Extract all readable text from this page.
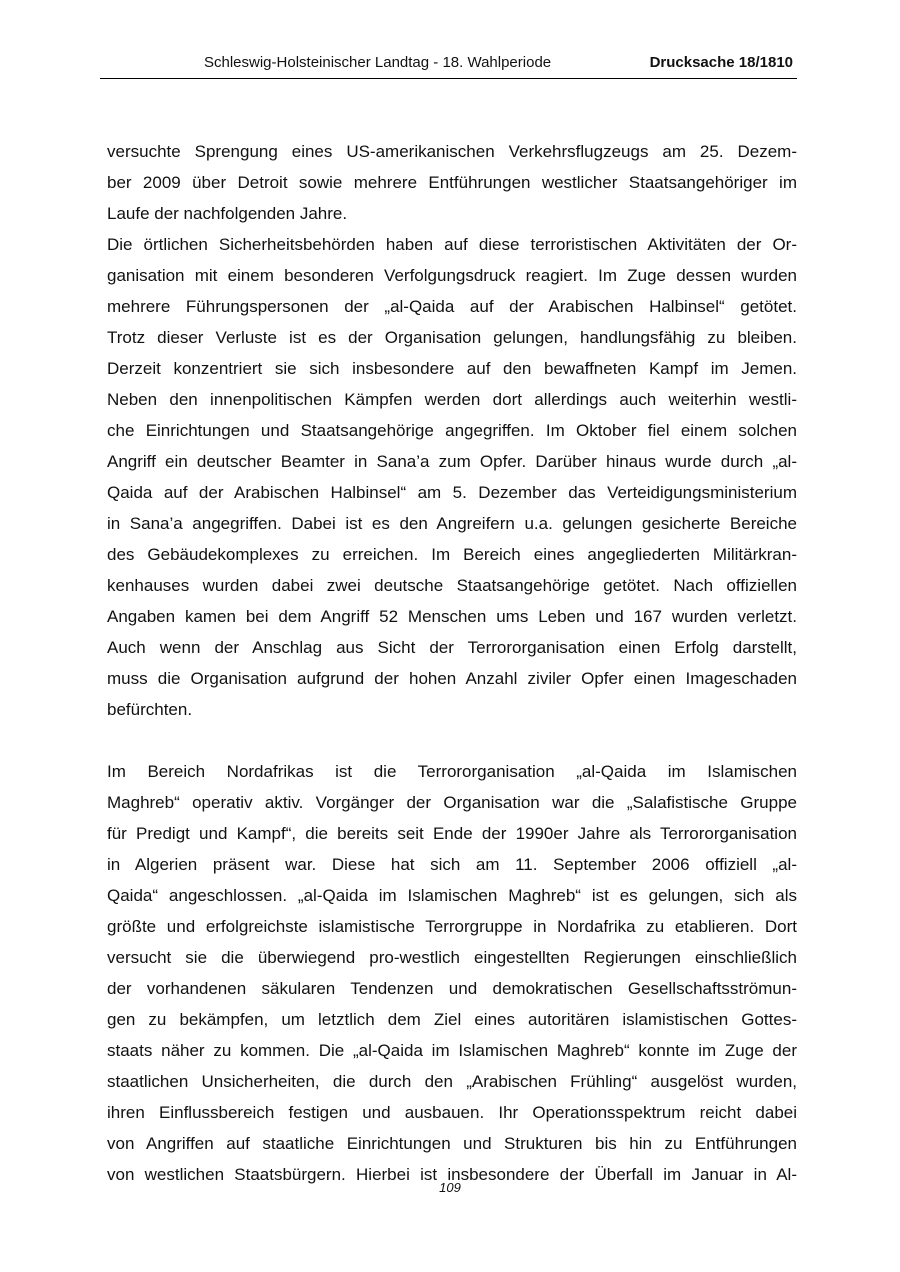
Schleswig-Holsteinischer Landtag - 18. Wahlperiode	Drucksache 18/1810
versuchte Sprengung eines US-amerikanischen Verkehrsflugzeugs am 25. Dezem-
ber 2009 über Detroit sowie mehrere Entführungen westlicher Staatsangehöriger im
Laufe der nachfolgenden Jahre.
Die örtlichen Sicherheitsbehörden haben auf diese terroristischen Aktivitäten der Or-
ganisation mit einem besonderen Verfolgungsdruck reagiert. Im Zuge dessen wurden
mehrere Führungspersonen der „al-Qaida auf der Arabischen Halbinsel“ getötet.
Trotz dieser Verluste ist es der Organisation gelungen, handlungsfähig zu bleiben.
Derzeit konzentriert sie sich insbesondere auf den bewaffneten Kampf im Jemen.
Neben den innenpolitischen Kämpfen werden dort allerdings auch weiterhin westli-
che Einrichtungen und Staatsangehörige angegriffen. Im Oktober fiel einem solchen
Angriff ein deutscher Beamter in Sana’a zum Opfer. Darüber hinaus wurde durch „al-
Qaida auf der Arabischen Halbinsel“ am 5. Dezember das Verteidigungsministerium
in Sana’a angegriffen. Dabei ist es den Angreifern u.a. gelungen gesicherte Bereiche
des Gebäudekomplexes zu erreichen. Im Bereich eines angegliederten Militärkran-
kenhauses wurden dabei zwei deutsche Staatsangehörige getötet. Nach offiziellen
Angaben kamen bei dem Angriff 52 Menschen ums Leben und 167 wurden verletzt.
Auch wenn der Anschlag aus Sicht der Terrororganisation einen Erfolg darstellt,
muss die Organisation aufgrund der hohen Anzahl ziviler Opfer einen Imageschaden
befürchten.
Im Bereich Nordafrikas ist die Terrororganisation „al-Qaida im Islamischen
Maghreb“ operativ aktiv. Vorgänger der Organisation war die „Salafistische Gruppe
für Predigt und Kampf“, die bereits seit Ende der 1990er Jahre als Terrororganisation
in Algerien präsent war. Diese hat sich am 11. September 2006 offiziell „al-
Qaida“ angeschlossen. „al-Qaida im Islamischen Maghreb“ ist es gelungen, sich als
größte und erfolgreichste islamistische Terrorgruppe in Nordafrika zu etablieren. Dort
versucht sie die überwiegend pro-westlich eingestellten Regierungen einschließlich
der vorhandenen säkularen Tendenzen und demokratischen Gesellschaftsströmun-
gen zu bekämpfen, um letztlich dem Ziel eines autoritären islamistischen Gottes-
staats näher zu kommen. Die „al-Qaida im Islamischen Maghreb“ konnte im Zuge der
staatlichen Unsicherheiten, die durch den „Arabischen Frühling“ ausgelöst wurden,
ihren Einflussbereich festigen und ausbauen. Ihr Operationsspektrum reicht dabei
von Angriffen auf staatliche Einrichtungen und Strukturen bis hin zu Entführungen
von westlichen Staatsbürgern. Hierbei ist insbesondere der Überfall im Januar in Al-
109
